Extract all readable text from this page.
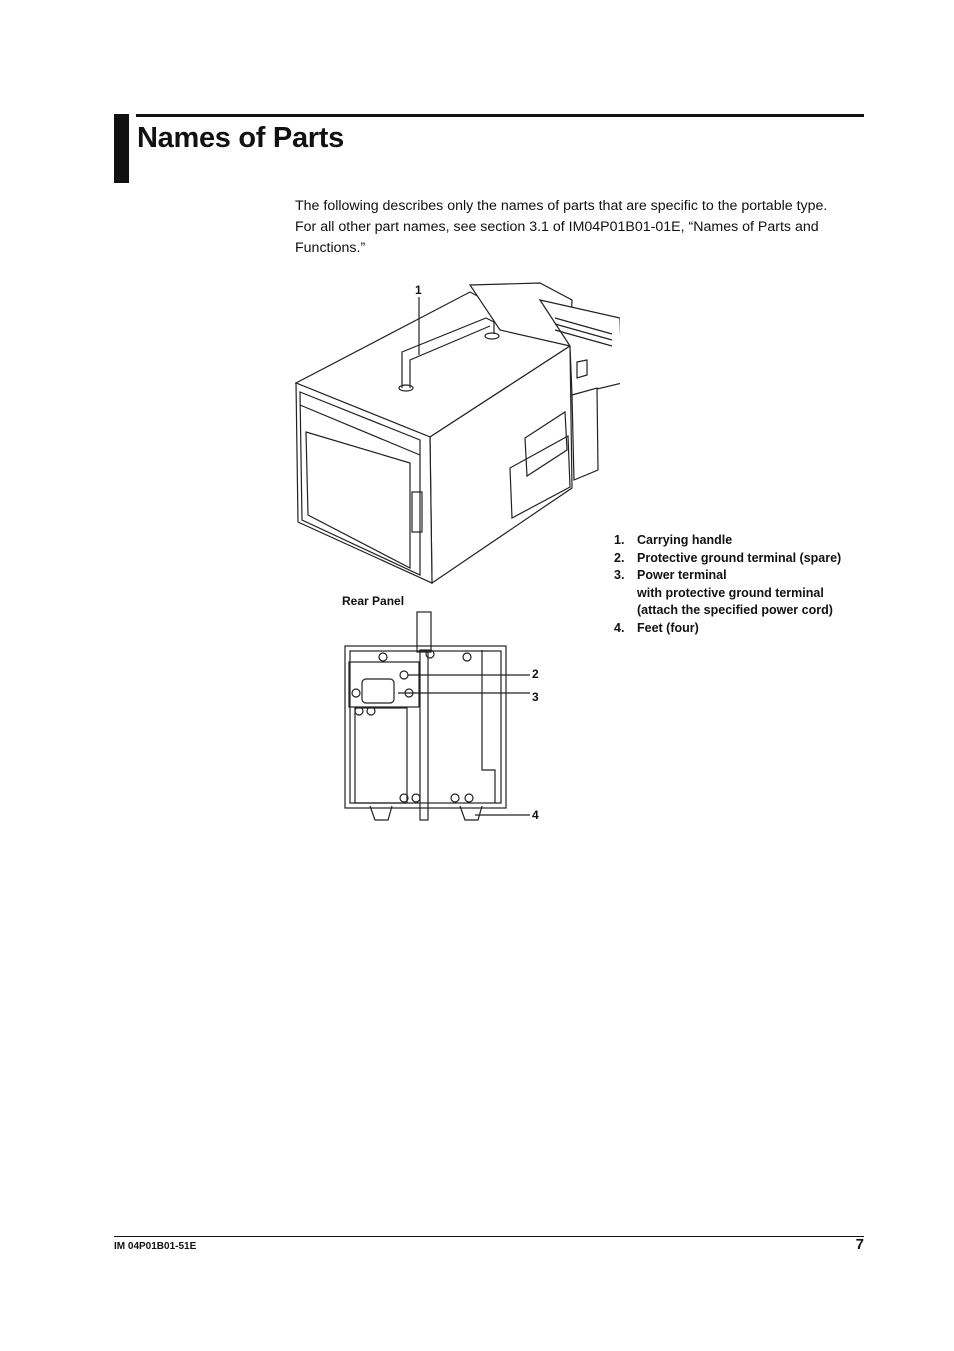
Names of Parts

The following describes only the names of parts that are specific to the portable type.

For all other part names, see section 3.1 of IM04P01B01-01E, “Names of Parts and

Functions.”

1
Rear Panel
2
3
4
1.	Carrying handle
2.	Protective ground terminal (spare)
3.	Power terminal
with protective ground terminal
(attach the specified power cord)
4.	Feet (four)
IM 04P01B01-51E	7
